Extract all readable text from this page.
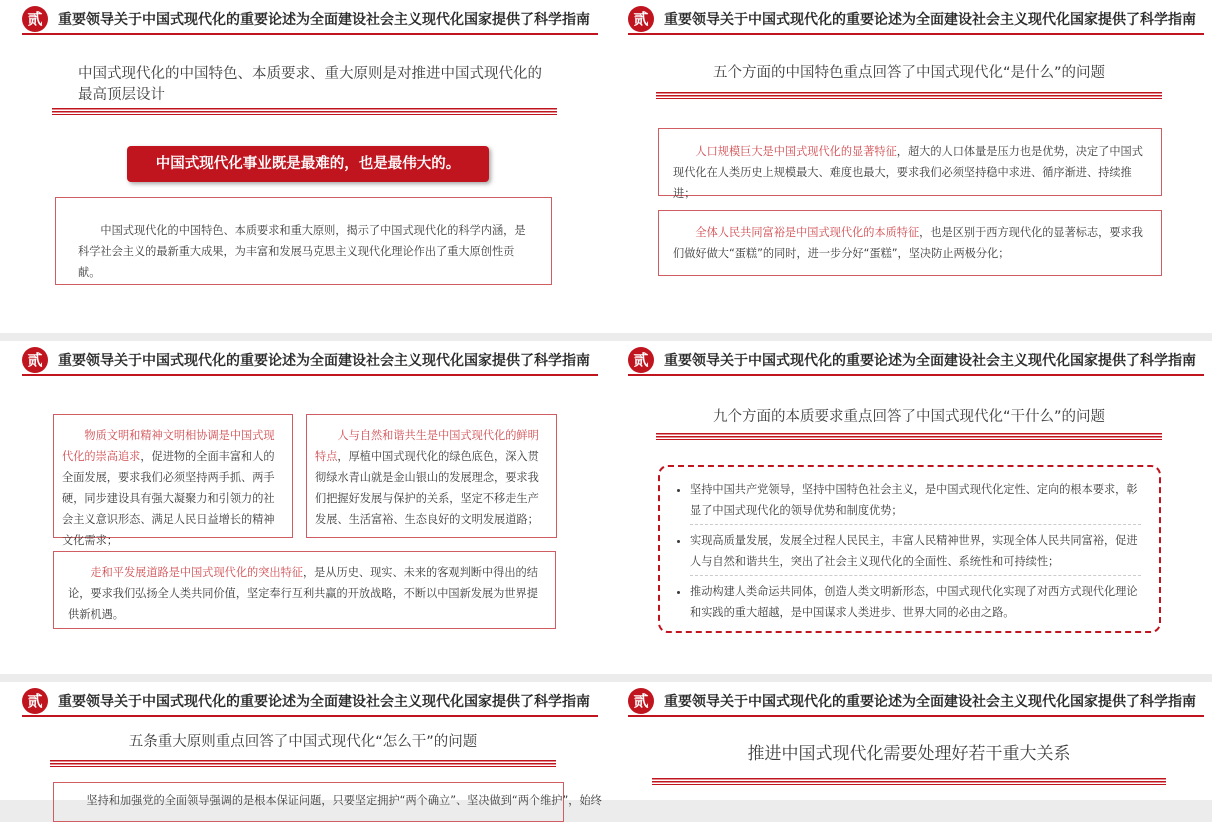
贰	重要领导关于中国式现代化的重要论述为全面建设社会主义现代化国家提供了科学指南
中国式现代化的中国特色、本质要求、重大原则是对推进中国式现代化的最高顶层设计
中国式现代化事业既是最难的，也是最伟大的。

中国式现代化的中国特色、本质要求和重大原则，揭示了中国式现代化的科学内涵，是科学社会主义的最新重大成果，为丰富和发展马克思主义现代化理论作出了重大原创性贡献。

贰	重要领导关于中国式现代化的重要论述为全面建设社会主义现代化国家提供了科学指南
五个方面的中国特色重点回答了中国式现代化“是什么”的问题

人口规模巨大是中国式现代化的显著特征，超大的人口体量是压力也是优势，决定了中国式现代化在人类历史上规模最大、难度也最大，要求我们必须坚持稳中求进、循序渐进、持续推进；

全体人民共同富裕是中国式现代化的本质特征，也是区别于西方现代化的显著标志，要求我们做好做大“蛋糕”的同时，进一步分好“蛋糕”，坚决防止两极分化；

贰	重要领导关于中国式现代化的重要论述为全面建设社会主义现代化国家提供了科学指南

物质文明和精神文明相协调是中国式现代化的崇高追求，促进物的全面丰富和人的全面发展，要求我们必须坚持两手抓、两手硬，同步建设具有强大凝聚力和引领力的社会主义意识形态、满足人民日益增长的精神文化需求；

人与自然和谐共生是中国式现代化的鲜明特点，厚植中国式现代化的绿色底色，深入贯彻绿水青山就是金山银山的发展理念，要求我们把握好发展与保护的关系，坚定不移走生产发展、生活富裕、生态良好的文明发展道路；

走和平发展道路是中国式现代化的突出特征，是从历史、现实、未来的客观判断中得出的结论，要求我们弘扬全人类共同价值，坚定奉行互利共赢的开放战略，不断以中国新发展为世界提供新机遇。

贰	重要领导关于中国式现代化的重要论述为全面建设社会主义现代化国家提供了科学指南
九个方面的本质要求重点回答了中国式现代化“干什么”的问题
• 坚持中国共产党领导，坚持中国特色社会主义，是中国式现代化定性、定向的根本要求，彰显了中国式现代化的领导优势和制度优势；
• 实现高质量发展，发展全过程人民民主，丰富人民精神世界，实现全体人民共同富裕，促进人与自然和谐共生，突出了社会主义现代化的全面性、系统性和可持续性；
• 推动构建人类命运共同体，创造人类文明新形态，中国式现代化实现了对西方式现代化理论和实践的重大超越，是中国谋求人类进步、世界大同的必由之路。
贰	重要领导关于中国式现代化的重要论述为全面建设社会主义现代化国家提供了科学指南
五条重大原则重点回答了中国式现代化“怎么干”的问题

坚持和加强党的全面领导强调的是根本保证问题，只要坚定拥护“两个确立”、坚决做到“两个维护”，始终

贰	重要领导关于中国式现代化的重要论述为全面建设社会主义现代化国家提供了科学指南
推进中国式现代化需要处理好若干重大关系
